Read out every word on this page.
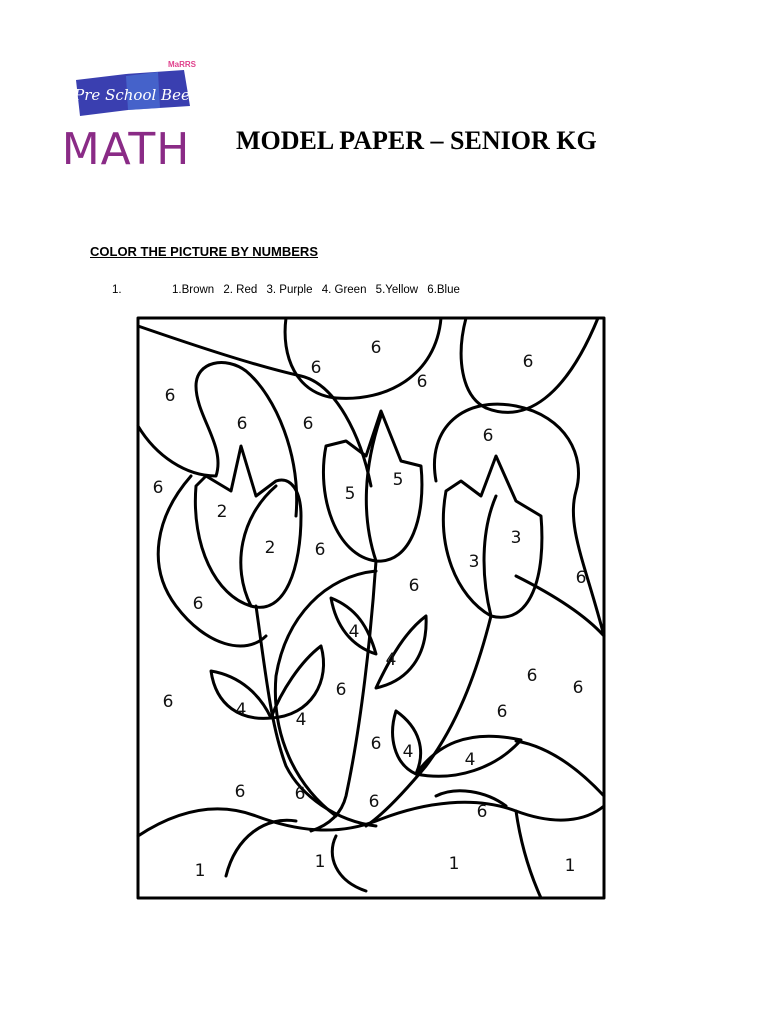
MaRRS
Pre School Bee
MATH MODEL PAPER – SENIOR KG
COLOR THE PICTURE BY NUMBERS
1.	1.Brown 2. Red 3. Purple 4. Green 5.Yellow 6.Blue
6
6
6
6
6
6	6
6
6
6
2
2 6
5
5
3
3
6
6
6
4
4
6
6
4	4	6
6 4	4
6	6	6	6
6
1	1	1	1
